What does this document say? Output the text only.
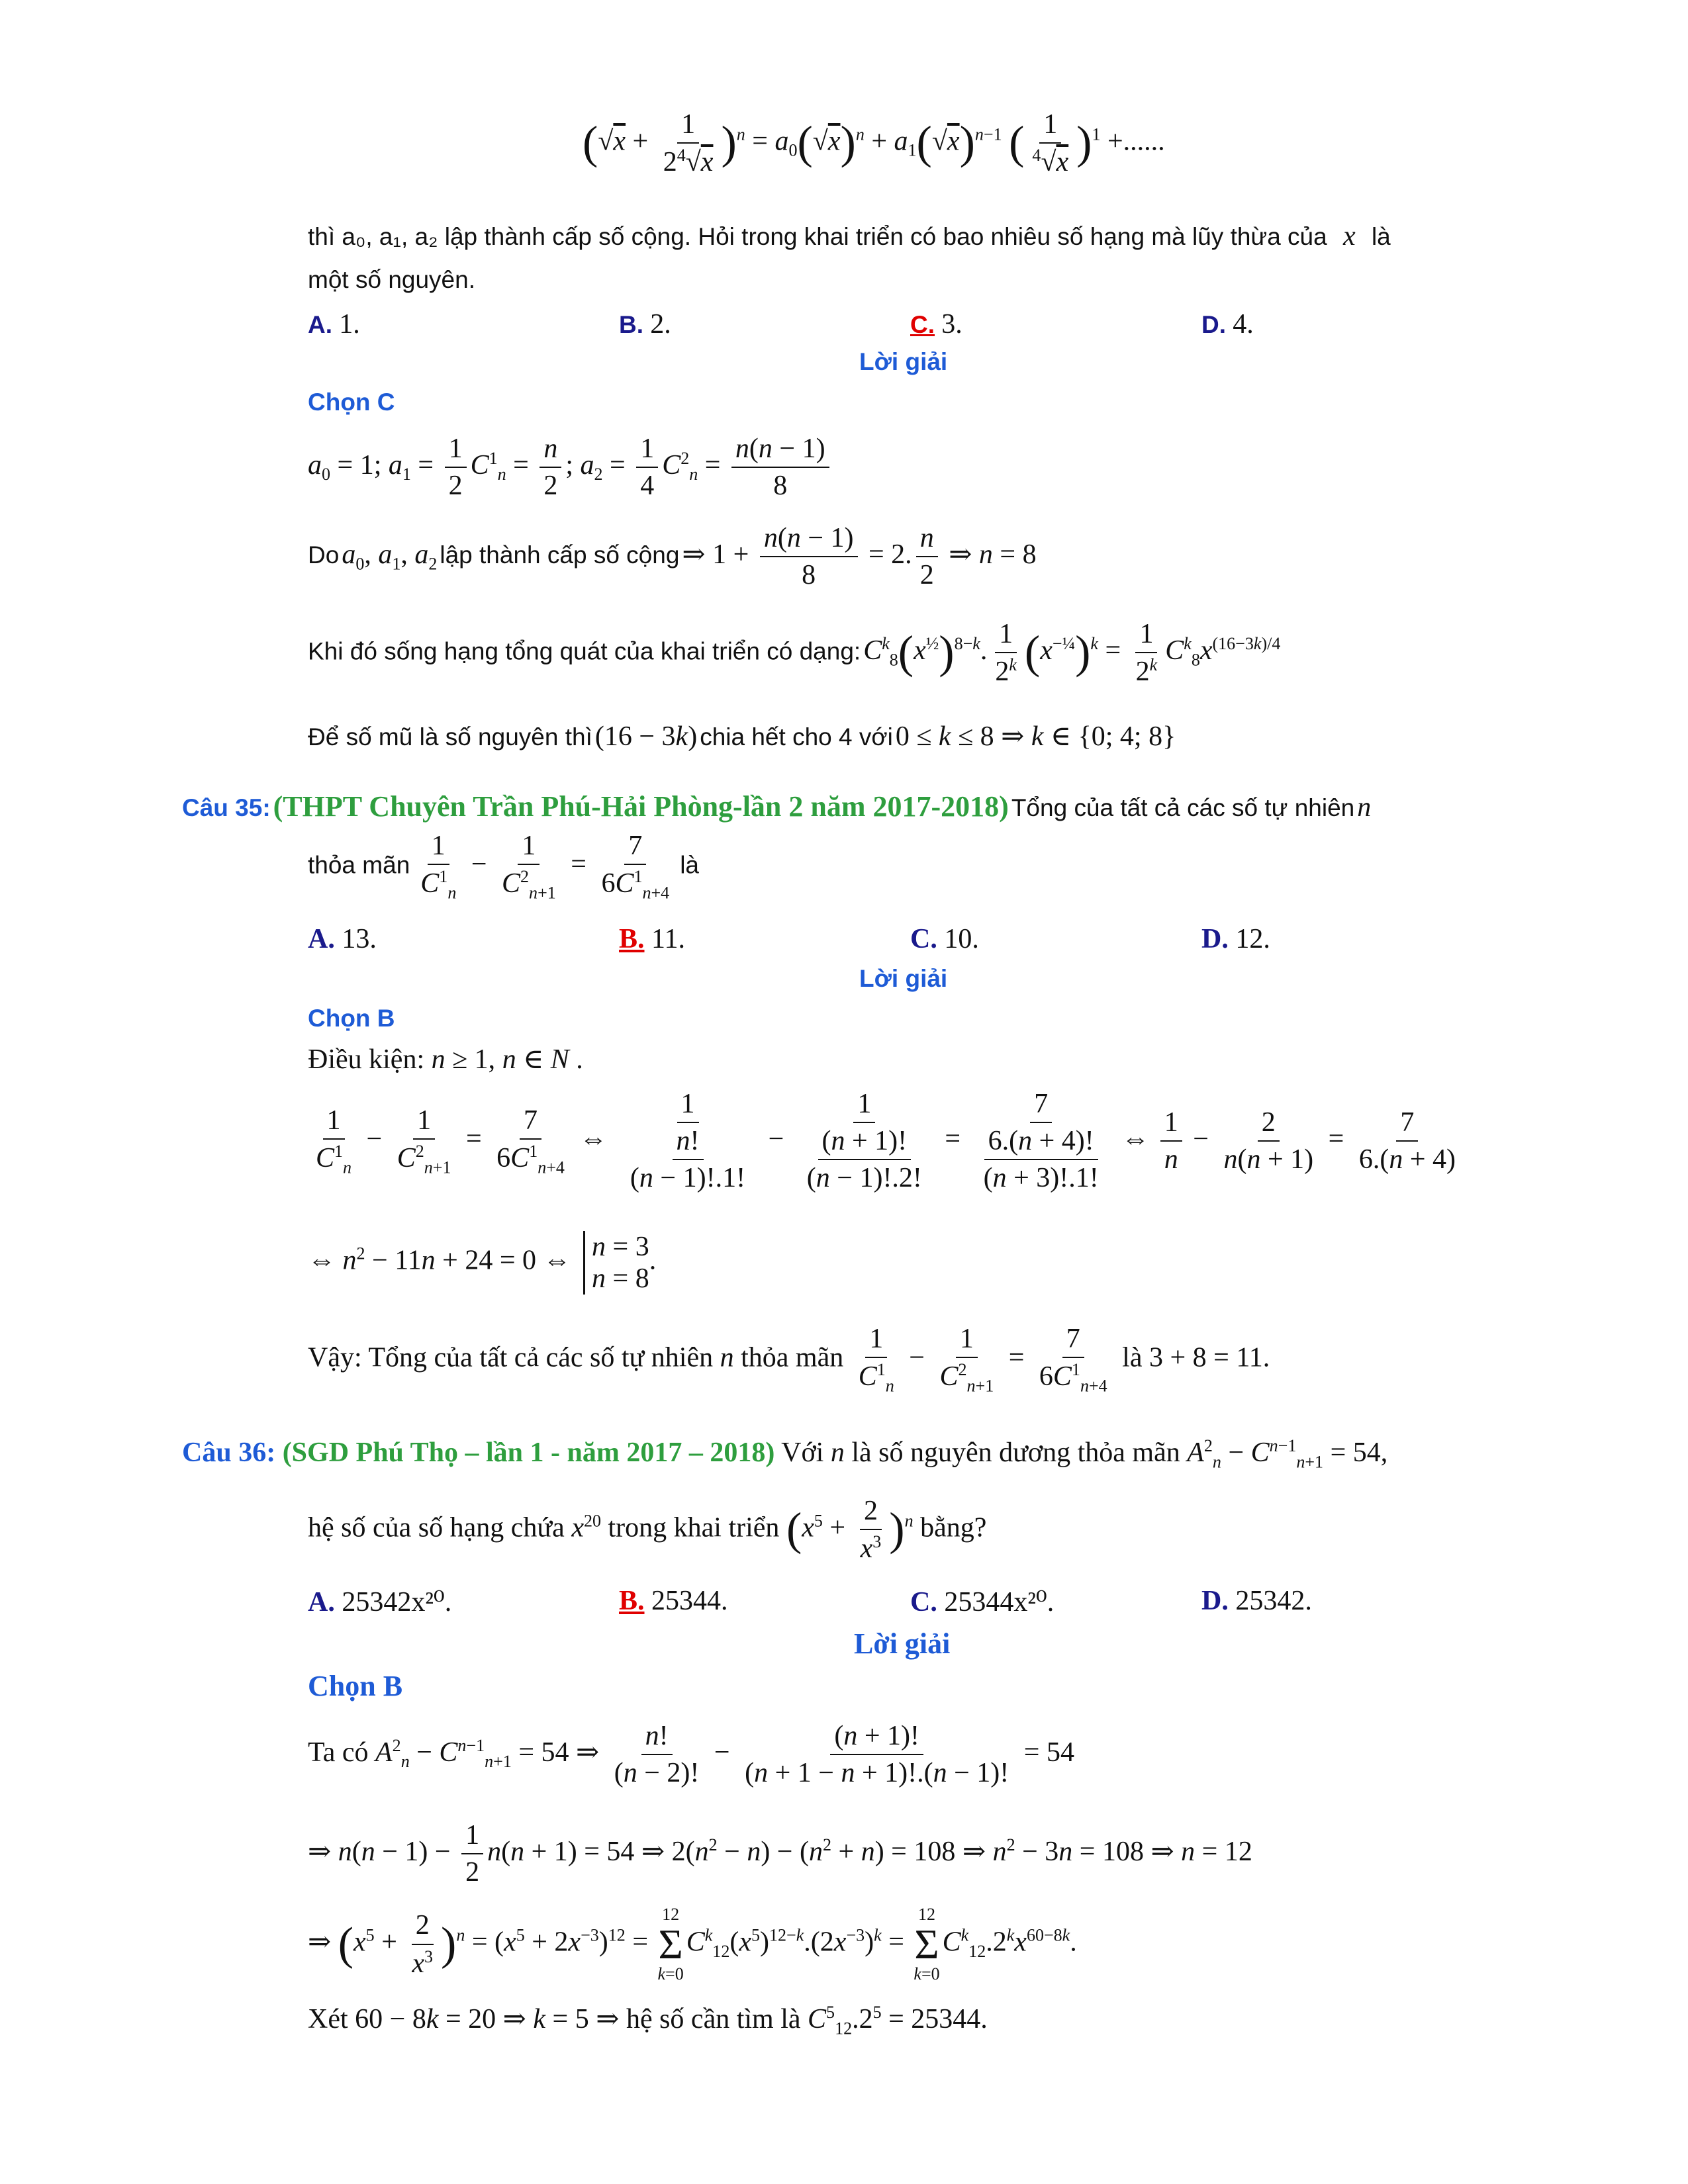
$(√x + \frac{1}{2^4√x} )^n = a_0(√x)^n + a_1(√x)^{n-1}$ ( $\frac{1}{^4√x} )^1$ +......
thì a₀, a₁, a₂ lập thành cấp số cộng. Hỏi trong khai triển có bao nhiêu số hạng mà lũy thừa của x là
một số nguyên.
A. 1.	B. 2.	C. 3.	D. 4.
Lời giải
Chọn C
$a_0 = 1$; $a_1 = \frac{1}{2} C^1_n = \frac{n}{2}$ ; $a_2 = \frac{1}{4} C^2_n = \frac{n(n - 1)}{8}$
Do $a_0$, $a_1$, $a_2$ lập thành cấp số cộng ⇒ $1 + \frac{n(n - 1)}{8} = 2$. $\frac{n}{2}$ ⇒ n = 8
Khi đó sống hạng tổng quát của khai triển có dạng: $C^k_8(x^{\frac{1}{2}})^{8-k}$. $\frac{1}{2^k} (x^{-\frac{1}{4}})^k = \frac{1}{2^k} C^k_8x^{(16-3k)/4}$
Để số mũ là số nguyên thì (16 − 3k) chia hết cho 4 với 0 ≤ k ≤ 8 ⇒ k ∈ {0; 4; 8}
Câu 35: (THPT Chuyên Trần Phú-Hải Phòng-lần 2 năm 2017-2018) Tổng của tất cả các số tự nhiên n
thỏa mãn $\frac{1}{C^1_n} - \frac{1}{C^2_{n+1}} = \frac{7}{6C^1_{n+4}}$ là
A. 13.	B. 11.	C. 10.	D. 12.
Lời giải
Chọn B
Điều kiện: n ≥ 1, n ∈ N .
$\frac{1}{C^1_n} - \frac{1}{C^2_{n+1}} = \frac{7}{6C^1_{n+4}}$ ⇔ $\frac{1}{\frac{n!}{(n - 1)!.1!}} - \frac{1}{\frac{(n + 1)!}{(n - 1)!.2!}} = \frac{7}{\frac{6.(n + 4)!}{(n + 3)!.1!}}$ ⇔ $\frac{1}{n} - \frac{2}{n(n + 1)} = \frac{7}{6.(n + 4)}$
⇔ $n^2 - 11n + 24 = 0$ ⇔ n = 3
n = 8
.
Vậy: Tổng của tất cả các số tự nhiên n thỏa mãn $\frac{1}{C^1_n} - \frac{1}{C^2_{n+1}} = \frac{7}{6C^1_{n+4}}$ là 3 + 8 = 11.
Câu 36: (SGD Phú Thọ – lần 1 - năm 2017 – 2018) Với n là số nguyên dương thỏa mãn $A^2_n - C^{n-1}_{n+1} = 54$,
hệ số của số hạng chứa $x^{20}$ trong khai triển $(x^5 + \frac{2}{x^3} )^n$ bằng?
A. 25342x²⁰.	B. 25344.	C. 25344x²⁰.	D. 25342.
Lời giải
Chọn B
Ta có $A^2_n - C^{n-1}_{n+1} = 54$ ⇒ $\frac{n!}{(n - 2)!} - \frac{(n + 1)!}{(n + 1 - n + 1)!.(n - 1)!} = 54$
⇒ $n(n - 1) - \frac{1}{2} n(n + 1) = 54$ ⇒ $2(n^2 - n) - (n^2 + n) = 108$ ⇒ $n^2 - 3n = 108$ ⇒ n = 12
⇒ $(x^5 + \frac{2}{x^3} )^n = (x^5 + 2x^{-3})^{12}$ =
12
Σ
k=0
$C^k_{12}(x^5)^{12-k}.(2x^{-3})^k$ =
12
Σ
k=0
$C^k_{12}.2^kx^{60-8k}$.
Xét 60 − 8k = 20 ⇒ k = 5 ⇒ hệ số cần tìm là $C^5_{12}.2^5 = 25344$.
